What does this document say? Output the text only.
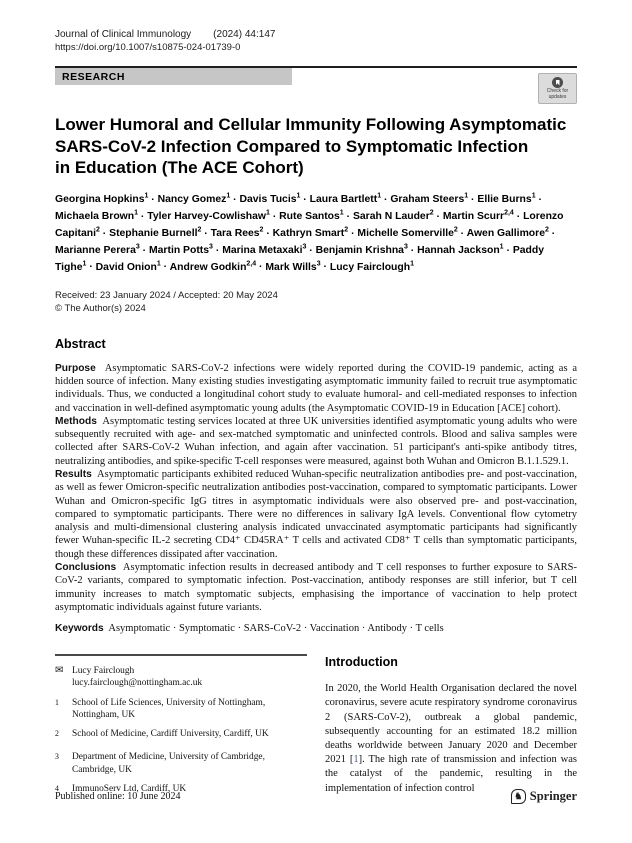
Journal of Clinical Immunology (2024) 44:147
https://doi.org/10.1007/s10875-024-01739-0
RESEARCH
Check for
updates
Lower Humoral and Cellular Immunity Following Asymptomatic
SARS-CoV-2 Infection Compared to Symptomatic Infection
in Education (The ACE Cohort)
Georgina Hopkins$^1$ · Nancy Gomez$^1$ · Davis Tucis$^1$ · Laura Bartlett$^1$ · Graham Steers$^1$ · Ellie Burns$^1$ · Michaela Brown$^1$ · Tyler Harvey-Cowlishaw$^1$ · Rute Santos$^1$ · Sarah N Lauder$^2$ · Martin Scurr$^{2,4}$ · Lorenzo Capitani$^2$ · Stephanie Burnell$^2$ · Tara Rees$^2$ · Kathryn Smart$^2$ · Michelle Somerville$^2$ · Awen Gallimore$^2$ · Marianne Perera$^3$ · Martin Potts$^3$ · Marina Metaxaki$^3$ · Benjamin Krishna$^3$ · Hannah Jackson$^1$ · Paddy Tighe$^1$ · David Onion$^1$ · Andrew Godkin$^{2,4}$ · Mark Wills$^3$ · Lucy Fairclough$^1$
Received: 23 January 2024 / Accepted: 20 May 2024
© The Author(s) 2024
Abstract
Purpose  Asymptomatic SARS-CoV-2 infections were widely reported during the COVID-19 pandemic, acting as a hidden source of infection. Many existing studies investigating asymptomatic immunity failed to recruit true asymptomatic individuals. Thus, we conducted a longitudinal cohort study to evaluate humoral- and cell-mediated responses to infection and vaccination in well-defined asymptomatic young adults (the Asymptomatic COVID-19 in Education [ACE] cohort).
Methods  Asymptomatic testing services located at three UK universities identified asymptomatic young adults who were subsequently recruited with age- and sex-matched symptomatic and uninfected controls. Blood and saliva samples were collected after SARS-CoV-2 Wuhan infection, and again after vaccination. 51 participant's anti-spike antibody titres, neutralizing antibodies, and spike-specific T-cell responses were measured, against both Wuhan and Omicron B.1.1.529.1.
Results  Asymptomatic participants exhibited reduced Wuhan-specific neutralization antibodies pre- and post-vaccination, as well as fewer Omicron-specific neutralization antibodies post-vaccination, compared to symptomatic participants. Lower Wuhan and Omicron-specific IgG titres in asymptomatic individuals were also observed pre- and post-vaccination, compared to symptomatic participants. There were no differences in salivary IgA levels. Conventional flow cytometry analysis and multi-dimensional clustering analysis indicated unvaccinated asymptomatic participants had significantly fewer Wuhan-specific IL-2 secreting CD4⁺ CD45RA⁺ T cells and activated CD8⁺ T cells than symptomatic participants, though these differences dissipated after vaccination.
Conclusions  Asymptomatic infection results in decreased antibody and T cell responses to further exposure to SARS-CoV-2 variants, compared to symptomatic infection. Post-vaccination, antibody responses are still inferior, but T cell immunity increases to match symptomatic subjects, emphasising the importance of vaccination to help protect asymptomatic individuals against future variants.
Keywords  Asymptomatic · Symptomatic · SARS-CoV-2 · Vaccination · Antibody · T cells
✉ Lucy Fairclough
lucy.fairclough@nottingham.ac.uk
$^1$	School of Life Sciences, University of Nottingham, Nottingham, UK
$^2$	School of Medicine, Cardiff University, Cardiff, UK
$^3$	Department of Medicine, University of Cambridge, Cambridge, UK
$^4$	ImmunoServ Ltd, Cardiff, UK
Introduction

In 2020, the World Health Organisation declared the novel coronavirus, severe acute respiratory syndrome coronavirus 2 (SARS-CoV-2), outbreak a global pandemic, subsequently accounting for an estimated 18.2 million deaths worldwide between January 2020 and December 2021 [1]. The high rate of transmission and infection was the catalyst of the pandemic, resulting in the implementation of infection control

Published online: 10 June 2024	♞ Springer
